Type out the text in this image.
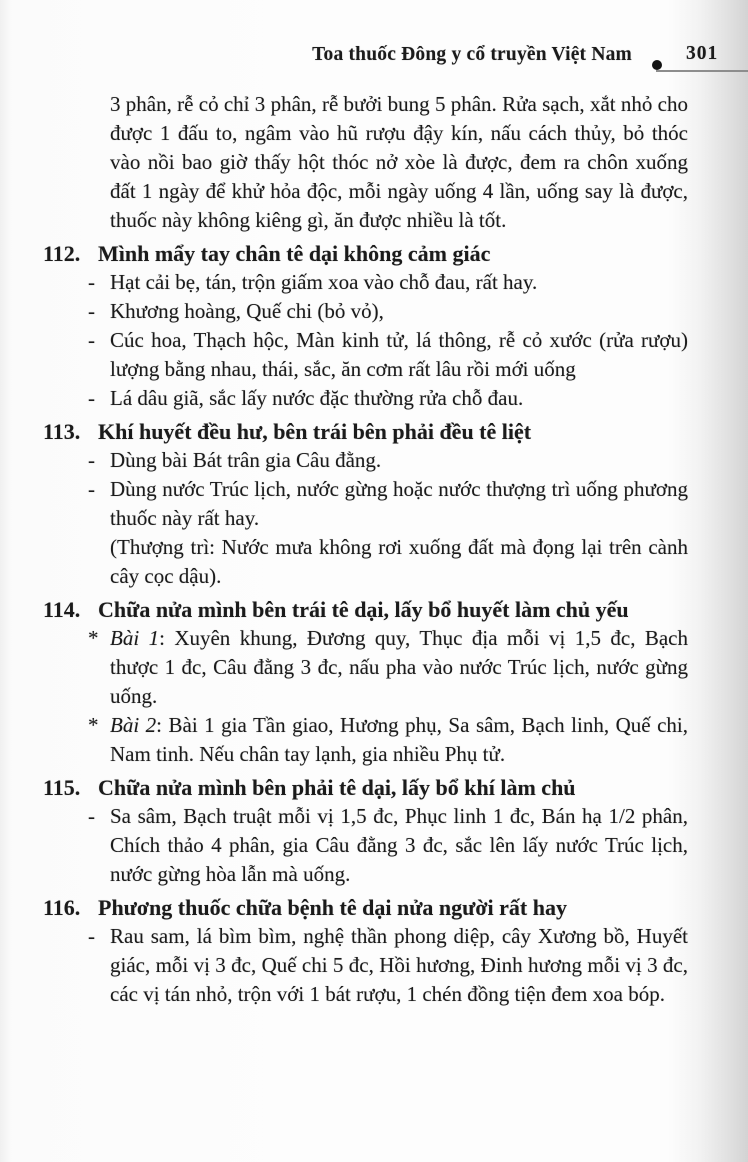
Toa thuốc Đông y cổ truyền Việt Nam	301

3 phân, rễ cỏ chỉ 3 phân, rễ bưởi bung 5 phân. Rửa sạch, xắt nhỏ cho được 1 đấu to, ngâm vào hũ rượu đậy kín, nấu cách thủy, bỏ thóc vào nồi bao giờ thấy hột thóc nở xòe là được, đem ra chôn xuống đất 1 ngày để khử hỏa độc, mỗi ngày uống 4 lần, uống say là được, thuốc này không kiêng gì, ăn được nhiều là tốt.

112. Mình mẩy tay chân tê dại không cảm giác
- Hạt cải bẹ, tán, trộn giấm xoa vào chỗ đau, rất hay.
- Khương hoàng, Quế chi (bỏ vỏ),
- Cúc hoa, Thạch hộc, Màn kinh tử, lá thông, rễ cỏ xước (rửa rượu) lượng bằng nhau, thái, sắc, ăn cơm rất lâu rồi mới uống
- Lá dâu giã, sắc lấy nước đặc thường rửa chỗ đau.
113. Khí huyết đều hư, bên trái bên phải đều tê liệt
- Dùng bài Bát trân gia Câu đằng.
- Dùng nước Trúc lịch, nước gừng hoặc nước thượng trì uống phương thuốc này rất hay.
(Thượng trì: Nước mưa không rơi xuống đất mà đọng lại trên cành cây cọc dậu).
114. Chữa nửa mình bên trái tê dại, lấy bổ huyết làm chủ yếu
* Bài 1: Xuyên khung, Đương quy, Thục địa mỗi vị 1,5 đc, Bạch thược 1 đc, Câu đằng 3 đc, nấu pha vào nước Trúc lịch, nước gừng uống.
* Bài 2: Bài 1 gia Tần giao, Hương phụ, Sa sâm, Bạch linh, Quế chi, Nam tinh. Nếu chân tay lạnh, gia nhiều Phụ tử.
115. Chữa nửa mình bên phải tê dại, lấy bổ khí làm chủ
- Sa sâm, Bạch truật mỗi vị 1,5 đc, Phục linh 1 đc, Bán hạ 1/2 phân, Chích thảo 4 phân, gia Câu đằng 3 đc, sắc lên lấy nước Trúc lịch, nước gừng hòa lẫn mà uống.
116. Phương thuốc chữa bệnh tê dại nửa người rất hay
- Rau sam, lá bìm bìm, nghệ thần phong diệp, cây Xương bồ, Huyết giác, mỗi vị 3 đc, Quế chi 5 đc, Hồi hương, Đinh hương mỗi vị 3 đc, các vị tán nhỏ, trộn với 1 bát rượu, 1 chén đồng tiện đem xoa bóp.
